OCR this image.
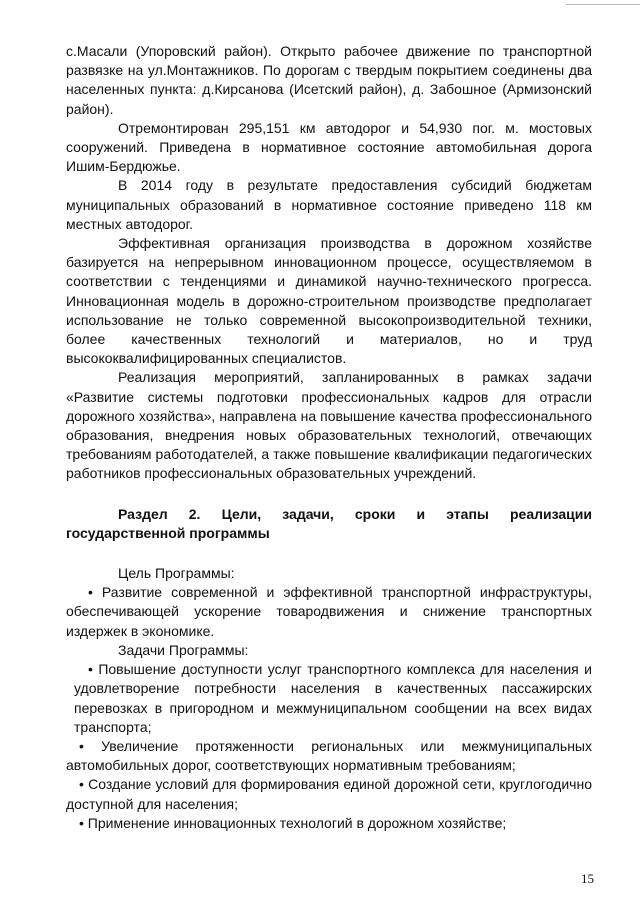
с.Масали (Упоровский район). Открыто рабочее движение по транспортной развязке на ул.Монтажников. По дорогам с твердым покрытием соединены два населенных пункта: д.Кирсанова (Исетский район), д. Забошное (Армизонский район).

Отремонтирован 295,151 км автодорог и 54,930 пог. м. мостовых сооружений. Приведена в нормативное состояние автомобильная дорога Ишим-Бердюжье.

В 2014 году в результате предоставления субсидий бюджетам муниципальных образований в нормативное состояние приведено 118 км местных автодорог.

Эффективная организация производства в дорожном хозяйстве базируется на непрерывном инновационном процессе, осуществляемом в соответствии с тенденциями и динамикой научно-технического прогресса. Инновационная модель в дорожно-строительном производстве предполагает использование не только современной высокопроизводительной техники, более качественных технологий и материалов, но и труд высококвалифицированных специалистов.

Реализация мероприятий, запланированных в рамках задачи «Развитие системы подготовки профессиональных кадров для отрасли дорожного хозяйства», направлена на повышение качества профессионального образования, внедрения новых образовательных технологий, отвечающих требованиям работодателей, а также повышение квалификации педагогических работников профессиональных образовательных учреждений.

Раздел 2. Цели, задачи, сроки и этапы реализации государственной программы

Цель Программы:

• Развитие современной и эффективной транспортной инфраструктуры, обеспечивающей ускорение товародвижения и снижение транспортных издержек в экономике.

Задачи Программы:

• Повышение доступности услуг транспортного комплекса для населения и удовлетворение потребности населения в качественных пассажирских перевозках в пригородном и межмуниципальном сообщении на всех видах транспорта;

• Увеличение протяженности региональных или межмуниципальных автомобильных дорог, соответствующих нормативным требованиям;

• Создание условий для формирования единой дорожной сети, круглогодично доступной для населения;

• Применение инновационных технологий в дорожном хозяйстве;

15
